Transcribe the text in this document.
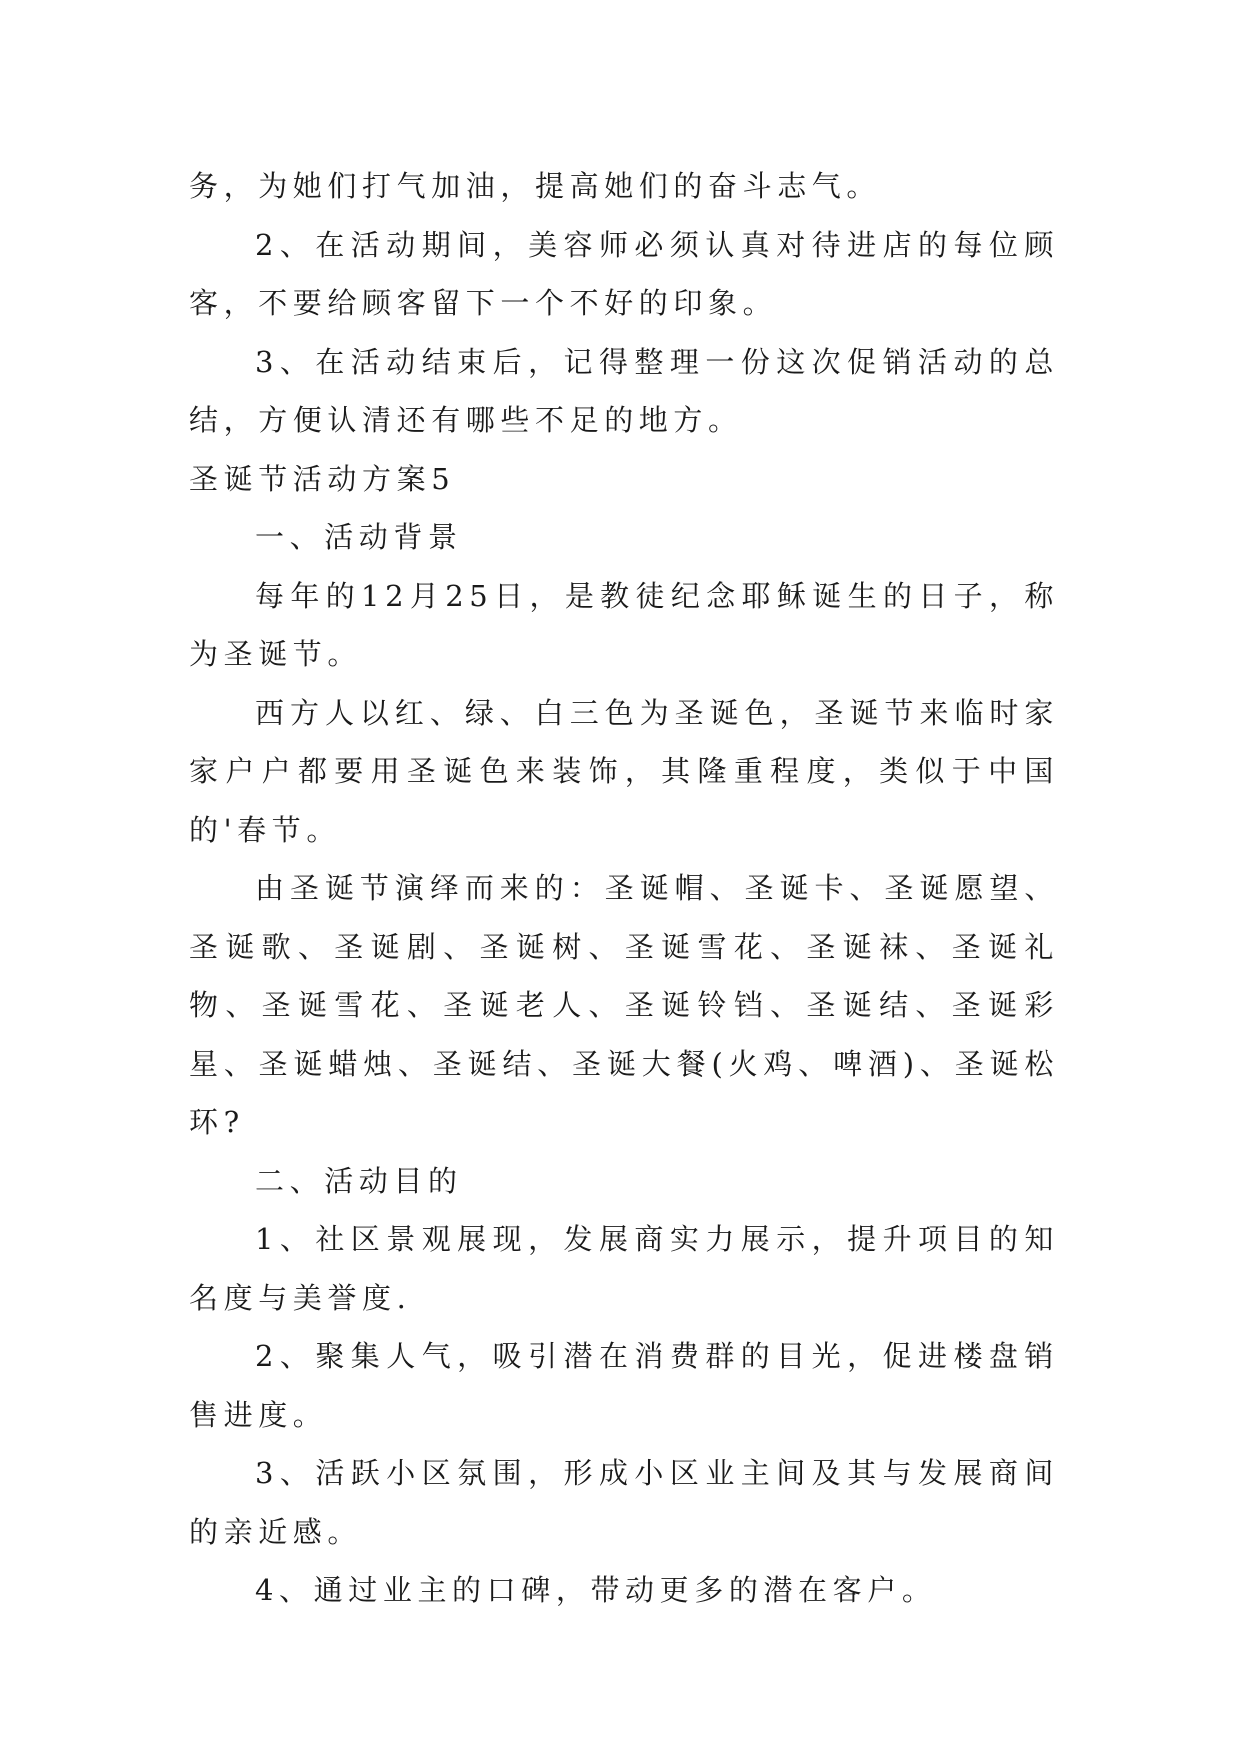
务，为她们打气加油，提高她们的奋斗志气。

2、在活动期间，美容师必须认真对待进店的每位顾客，不要给顾客留下一个不好的印象。

3、在活动结束后，记得整理一份这次促销活动的总结，方便认清还有哪些不足的地方。

圣诞节活动方案5

一、活动背景

每年的12月25日，是教徒纪念耶稣诞生的日子，称为圣诞节。

西方人以红、绿、白三色为圣诞色，圣诞节来临时家家户户都要用圣诞色来装饰，其隆重程度，类似于中国的'春节。

由圣诞节演绎而来的：圣诞帽、圣诞卡、圣诞愿望、圣诞歌、圣诞剧、圣诞树、圣诞雪花、圣诞袜、圣诞礼物、圣诞雪花、圣诞老人、圣诞铃铛、圣诞结、圣诞彩星、圣诞蜡烛、圣诞结、圣诞大餐(火鸡、啤酒)、圣诞松环?

二、活动目的

1、社区景观展现，发展商实力展示，提升项目的知名度与美誉度.

2、聚集人气，吸引潜在消费群的目光，促进楼盘销售进度。

3、活跃小区氛围，形成小区业主间及其与发展商间的亲近感。

4、通过业主的口碑，带动更多的潜在客户。
